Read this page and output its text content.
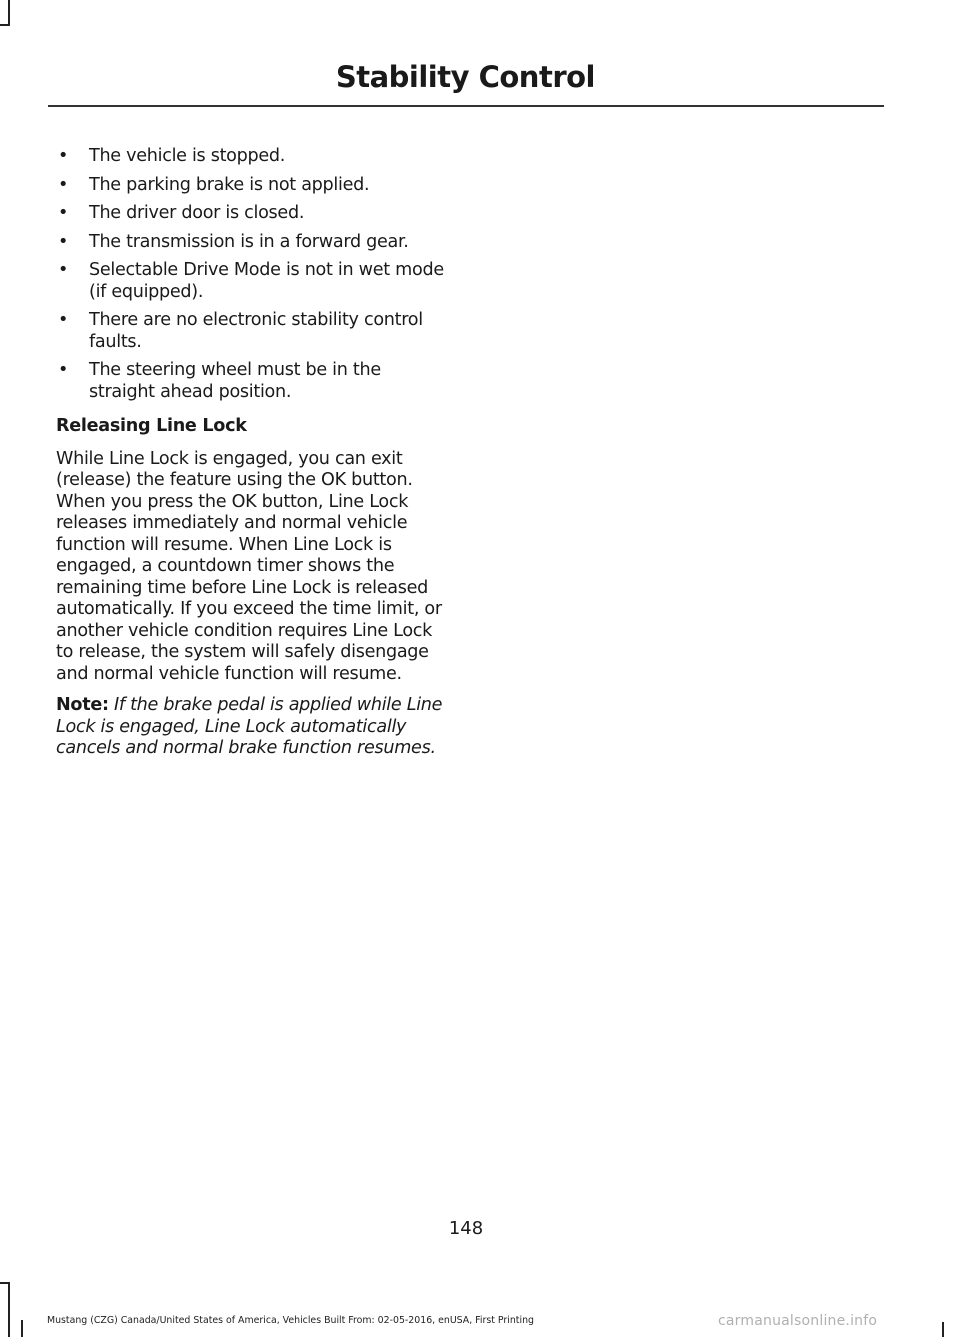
Stability Control
• The vehicle is stopped.
• The parking brake is not applied.
• The driver door is closed.
• The transmission is in a forward gear.
• Selectable Drive Mode is not in wet mode (if equipped).
• There are no electronic stability control faults.
• The steering wheel must be in the straight ahead position.
Releasing Line Lock

While Line Lock is engaged, you can exit (release) the feature using the OK button. When you press the OK button, Line Lock releases immediately and normal vehicle function will resume. When Line Lock is engaged, a countdown timer shows the remaining time before Line Lock is released automatically. If you exceed the time limit, or another vehicle condition requires Line Lock to release, the system will safely disengage and normal vehicle function will resume.

Note: If the brake pedal is applied while Line Lock is engaged, Line Lock automatically cancels and normal brake function resumes.

148
Mustang (CZG) Canada/United States of America, Vehicles Built From: 02-05-2016, enUSA, First Printing	carmanualsonline.info
